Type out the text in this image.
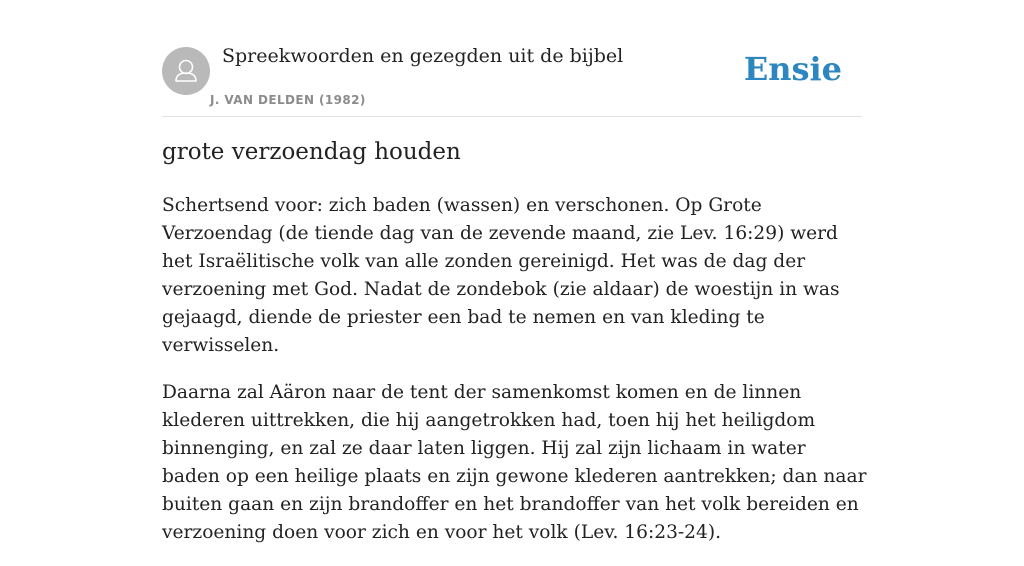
Spreekwoorden en gezegden uit de bijbel
J. VAN DELDEN (1982)
Ensie
grote verzoendag houden

Schertsend voor: zich baden (wassen) en verschonen. Op Grote Verzoendag (de tiende dag van de zevende maand, zie Lev. 16:29) werd het Israëlitische volk van alle zonden gereinigd. Het was de dag der verzoening met God. Nadat de zondebok (zie aldaar) de woestijn in was gejaagd, diende de priester een bad te nemen en van kleding te verwisselen.

Daarna zal Aäron naar de tent der samenkomst komen en de linnen klederen uittrekken, die hij aangetrokken had, toen hij het heiligdom binnenging, en zal ze daar laten liggen. Hij zal zijn lichaam in water baden op een heilige plaats en zijn gewone klederen aantrekken; dan naar buiten gaan en zijn brandoffer en het brandoffer van het volk bereiden en verzoening doen voor zich en voor het volk (Lev. 16:23-24).
